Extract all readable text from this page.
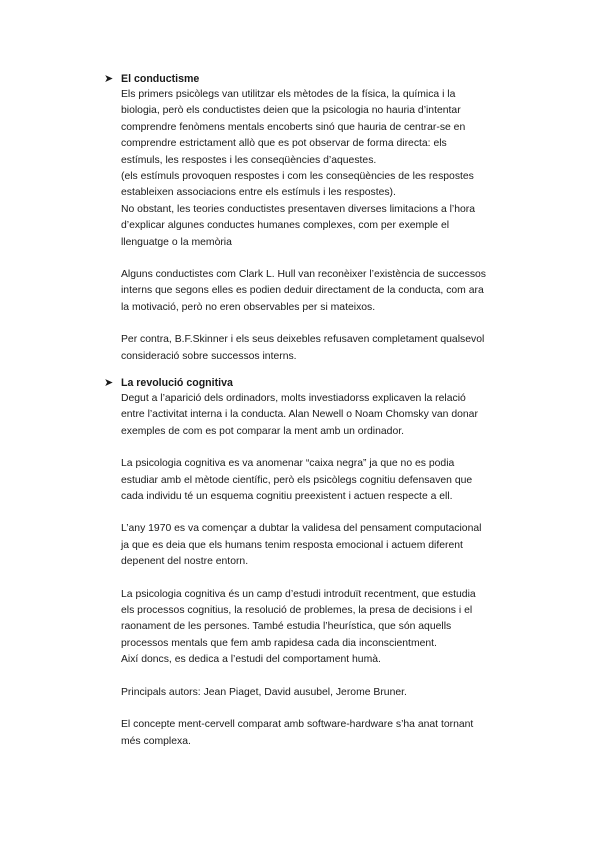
➤ El conductisme

Els primers psicòlegs van utilitzar els mètodes de la física, la química i la
biologia, però els conductistes deien que la psicologia no hauria d’intentar
comprendre fenòmens mentals encoberts sinó que hauria de centrar-se en
comprendre estrictament allò que es pot observar de forma directa: els
estímuls, les respostes i les conseqüències d’aquestes.
(els estímuls provoquen respostes i com les conseqüències de les respostes
estableixen associacions entre els estímuls i les respostes).
No obstant, les teories conductistes presentaven diverses limitacions a l’hora
d’explicar algunes conductes humanes complexes, com per exemple el
llenguatge o la memòria

Alguns conductistes com Clark L. Hull van reconèixer l’existència de successos
interns que segons elles es podien deduir directament de la conducta, com ara
la motivació, però no eren observables per si mateixos.

Per contra, B.F.Skinner i els seus deixebles refusaven completament qualsevol
consideració sobre successos interns.

➤ La revolució cognitiva

Degut a l’aparició dels ordinadors, molts investiadorss explicaven la relació
entre l’activitat interna i la conducta. Alan Newell o Noam Chomsky van donar
exemples de com es pot comparar la ment amb un ordinador.

La psicologia cognitiva es va anomenar “caixa negra” ja que no es podia
estudiar amb el mètode científic, però els psicòlegs cognitiu defensaven que
cada individu té un esquema cognitiu preexistent i actuen respecte a ell.

L’any 1970 es va començar a dubtar la validesa del pensament computacional
ja que es deia que els humans tenim resposta emocional i actuem diferent
depenent del nostre entorn.

La psicologia cognitiva és un camp d’estudi introduït recentment, que estudia
els processos cognitius, la resolució de problemes, la presa de decisions i el
raonament de les persones. També estudia l’heurística, que són aquells
processos mentals que fem amb rapidesa cada dia inconscientment.
Així doncs, es dedica a l’estudi del comportament humà.

Principals autors: Jean Piaget, David ausubel, Jerome Bruner.

El concepte ment-cervell comparat amb software-hardware s’ha anat tornant
més complexa.
